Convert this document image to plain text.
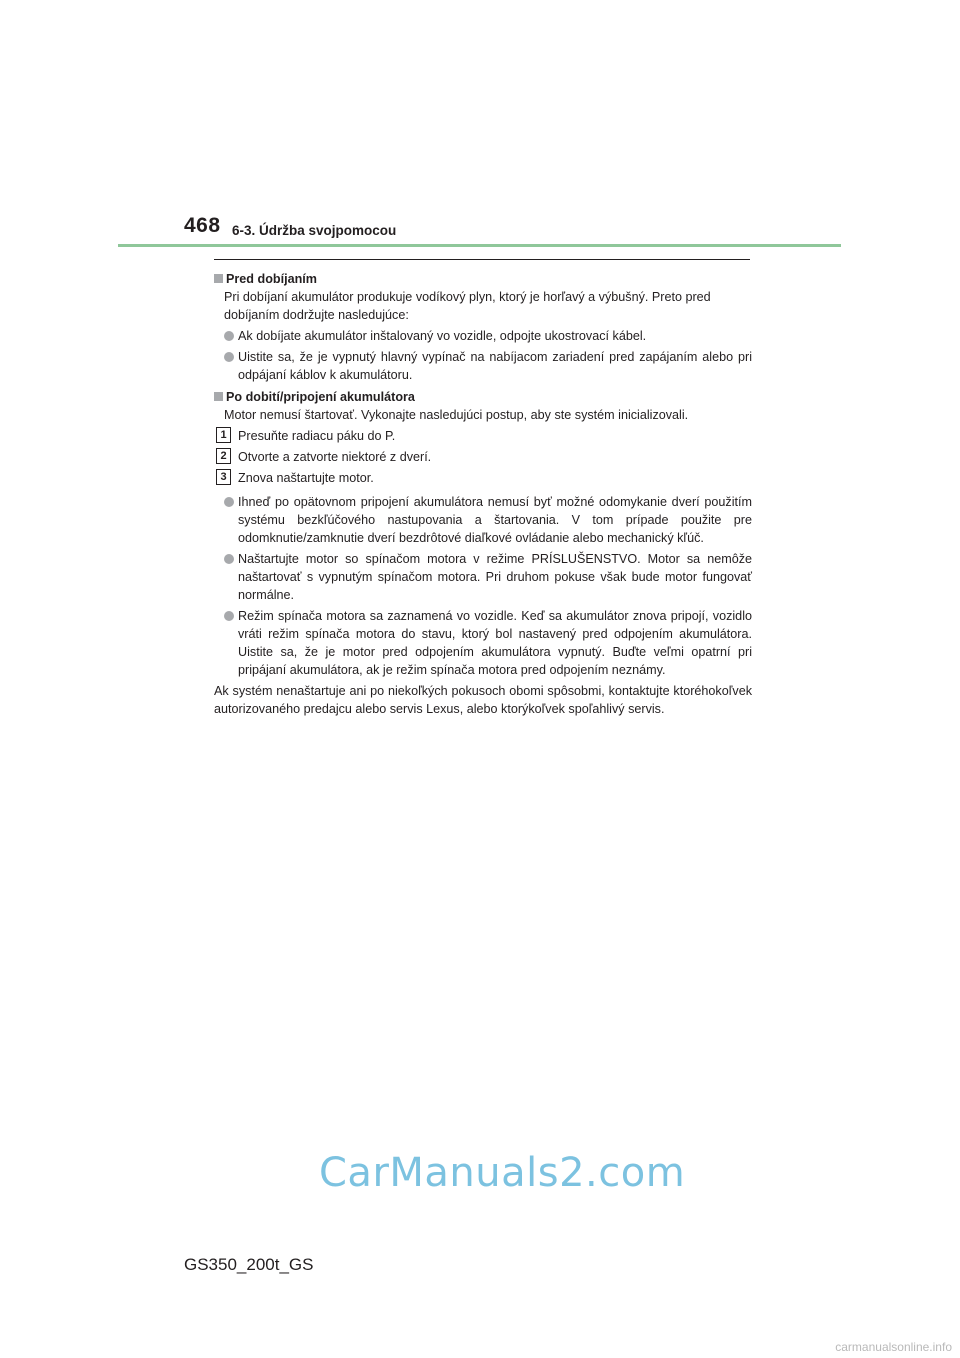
468 6-3. Údržba svojpomocou
Pred dobíjaním
Pri dobíjaní akumulátor produkuje vodíkový plyn, ktorý je horľavý a výbušný. Preto pred dobíjaním dodržujte nasledujúce:
Ak dobíjate akumulátor inštalovaný vo vozidle, odpojte ukostrovací kábel.
Uistite sa, že je vypnutý hlavný vypínač na nabíjacom zariadení pred zapájaním alebo pri odpájaní káblov k akumulátoru.
Po dobití/pripojení akumulátora
Motor nemusí štartovať. Vykonajte nasledujúci postup, aby ste systém inicializovali.
1 Presuňte radiacu páku do P.
2 Otvorte a zatvorte niektoré z dverí.
3 Znova naštartujte motor.
Ihneď po opätovnom pripojení akumulátora nemusí byť možné odomykanie dverí použitím systému bezkľúčového nastupovania a štartovania. V tom prípade použite pre odomknutie/zamknutie dverí bezdrôtové diaľkové ovládanie alebo mechanický kľúč.
Naštartujte motor so spínačom motora v režime PRÍSLUŠENSTVO. Motor sa nemôže naštartovať s vypnutým spínačom motora. Pri druhom pokuse však bude motor fungovať normálne.
Režim spínača motora sa zaznamená vo vozidle. Keď sa akumulátor znova pripojí, vozidlo vráti režim spínača motora do stavu, ktorý bol nastavený pred odpojením akumulátora. Uistite sa, že je motor pred odpojením akumulátora vypnutý. Buďte veľmi opatrní pri pripájaní akumulátora, ak je režim spínača motora pred odpojením neznámy.
Ak systém nenaštartuje ani po niekoľkých pokusoch obomi spôsobmi, kontaktujte ktoréhokoľvek autorizovaného predajcu alebo servis Lexus, alebo ktorýkoľvek spoľahlivý servis.
CarManuals2.com
GS350_200t_GS
carmanualsonline.info
